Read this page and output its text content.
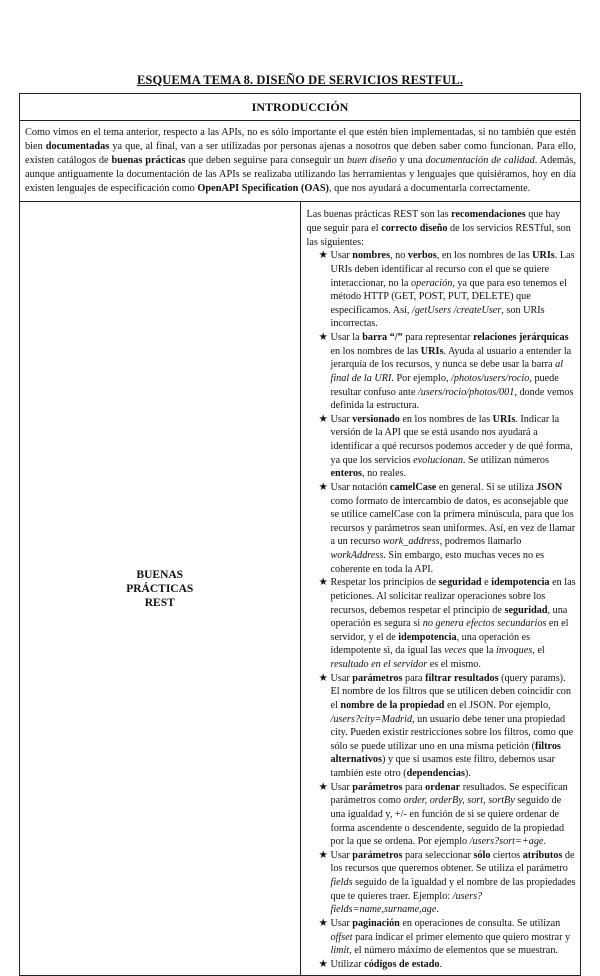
ESQUEMA TEMA 8. DISEÑO DE SERVICIOS RESTFUL.
INTRODUCCIÓN
Como vimos en el tema anterior, respecto a las APIs, no es sólo importante el que estén bien implementadas, si no también que estén bien documentadas ya que, al final, van a ser utilizadas por personas ajenas a nosotros que deben saber como funcionan. Para ello, existen catálogos de buenas prácticas que deben seguirse para conseguir un buen diseño y una documentación de calidad. Además, aunque antiguamente la documentación de las APIs se realizaba utilizando las herramientas y lenguajes que quisiéramos, hoy en día existen lenguajes de especificación como OpenAPI Specification (OAS), que nos ayudará a documentarla correctamente.

BUENAS
PRÁCTICAS
REST

Las buenas prácticas REST son las recomendaciones que hay que seguir para el correcto diseño de los servicios RESTful, son las siguientes:

★ Usar nombres, no verbos, en los nombres de las URIs. Las URIs deben identificar al recurso con el que se quiere interaccionar, no la operación, ya que para eso tenemos el método HTTP (GET, POST, PUT, DELETE) que especificamos. Así, /getUsers /createUser, son URIs incorrectas.
★ Usar la barra “/” para representar relaciones jerárquicas en los nombres de las URIs. Ayuda al usuario a entender la jerarquía de los recursos, y nunca se debe usar la barra al final de la URI. Por ejemplo, /photos/users/rocio, puede resultar confuso ante /users/rocio/photos/001, donde vemos definida la estructura.
★ Usar versionado en los nombres de las URIs. Indicar la versión de la API que se está usando nos ayudará a identificar a qué recursos podemos acceder y de qué forma, ya que los servicios evolucionan. Se utilizan números enteros, no reales.
★ Usar notación camelCase en general. Si se utiliza JSON como formato de intercambio de datos, es aconsejable que se utilice camelCase con la primera minúscula, para que los recursos y parámetros sean uniformes. Así, en vez de llamar a un recurso work_address, podremos llamarlo workAddress. Sin embargo, esto muchas veces no es coherente en toda la API.
★ Respetar los principios de seguridad e idempotencia en las peticiones. Al solicitar realizar operaciones sobre los recursos, debemos respetar el principio de seguridad, una operación es segura si no genera efectos secundarios en el servidor, y el de idempotencia, una operación es idempotente si, da igual las veces que la invoques, el resultado en el servidor es el mismo.
★ Usar parámetros para filtrar resultados (query params). El nombre de los filtros que se utilicen deben coincidir con el nombre de la propiedad en el JSON. Por ejemplo, /users?city=Madrid, un usuario debe tener una propiedad city. Pueden existir restricciones sobre los filtros, como que sólo se puede utilizar uno en una misma petición (filtros alternativos) y que si usamos este filtro, debemos usar también este otro (dependencias).
★ Usar parámetros para ordenar resultados. Se especifican parámetros como order, orderBy, sort, sortBy seguido de una igualdad y, +/- en función de si se quiere ordenar de forma ascendente o descendente, seguido de la propiedad por la que se ordena. Por ejemplo /users?sort=+age.
★ Usar parámetros para seleccionar sólo ciertos atributos de los recursos que queremos obtener. Se utiliza el parámetro fields seguido de la igualdad y el nombre de las propiedades que te quieres traer. Ejemplo: /users?fields=name,surname,age.
★ Usar paginación en operaciones de consulta. Se utilizan offset para indicar el primer elemento que quiero mostrar y limit, el número máximo de elementos que se muestran.
★ Utilizar códigos de estado.
